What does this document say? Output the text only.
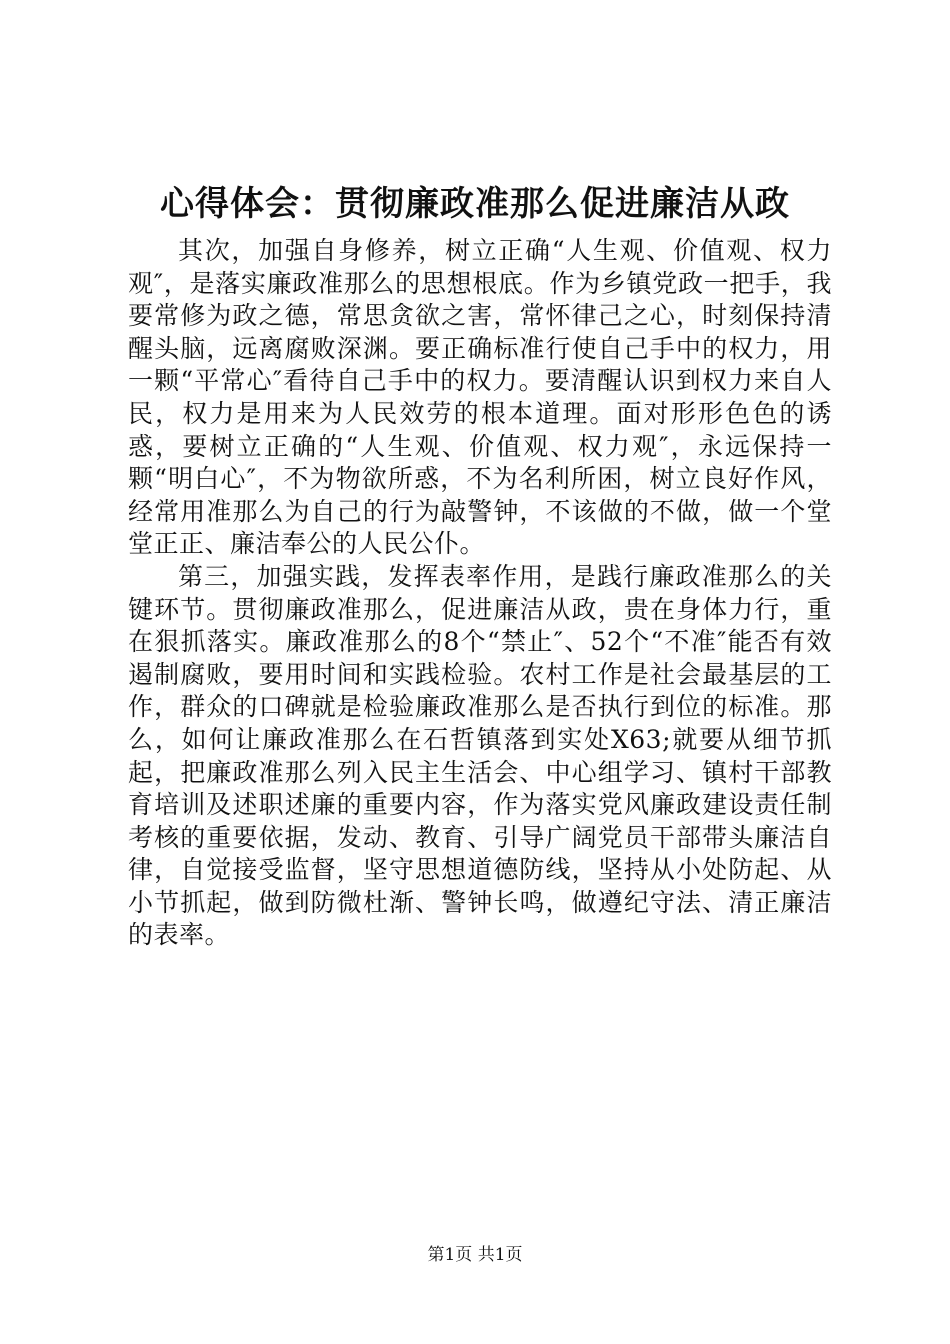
心得体会：贯彻廉政准那么促进廉洁从政

其次，加强自身修养，树立正确“人生观、价值观、权力观″，是落实廉政准那么的思想根底。作为乡镇党政一把手，我要常修为政之德，常思贪欲之害，常怀律己之心，时刻保持清醒头脑，远离腐败深渊。要正确标准行使自己手中的权力，用一颗“平常心″看待自己手中的权力。要清醒认识到权力来自人民，权力是用来为人民效劳的根本道理。面对形形色色的诱惑，要树立正确的“人生观、价值观、权力观″，永远保持一颗“明白心″，不为物欲所惑，不为名利所困，树立良好作风，经常用准那么为自己的行为敲警钟，不该做的不做，做一个堂堂正正、廉洁奉公的人民公仆。

第三，加强实践，发挥表率作用，是践行廉政准那么的关键环节。贯彻廉政准那么，促进廉洁从政，贵在身体力行，重在狠抓落实。廉政准那么的8个“禁止″、52个“不准″能否有效遏制腐败，要用时间和实践检验。农村工作是社会最基层的工作，群众的口碑就是检验廉政准那么是否执行到位的标准。那么，如何让廉政准那么在石哲镇落到实处X63;就要从细节抓起，把廉政准那么列入民主生活会、中心组学习、镇村干部教育培训及述职述廉的重要内容，作为落实党风廉政建设责任制考核的重要依据，发动、教育、引导广阔党员干部带头廉洁自律，自觉接受监督，坚守思想道德防线，坚持从小处防起、从小节抓起，做到防微杜渐、警钟长鸣，做遵纪守法、清正廉洁的表率。

第1页 共1页
